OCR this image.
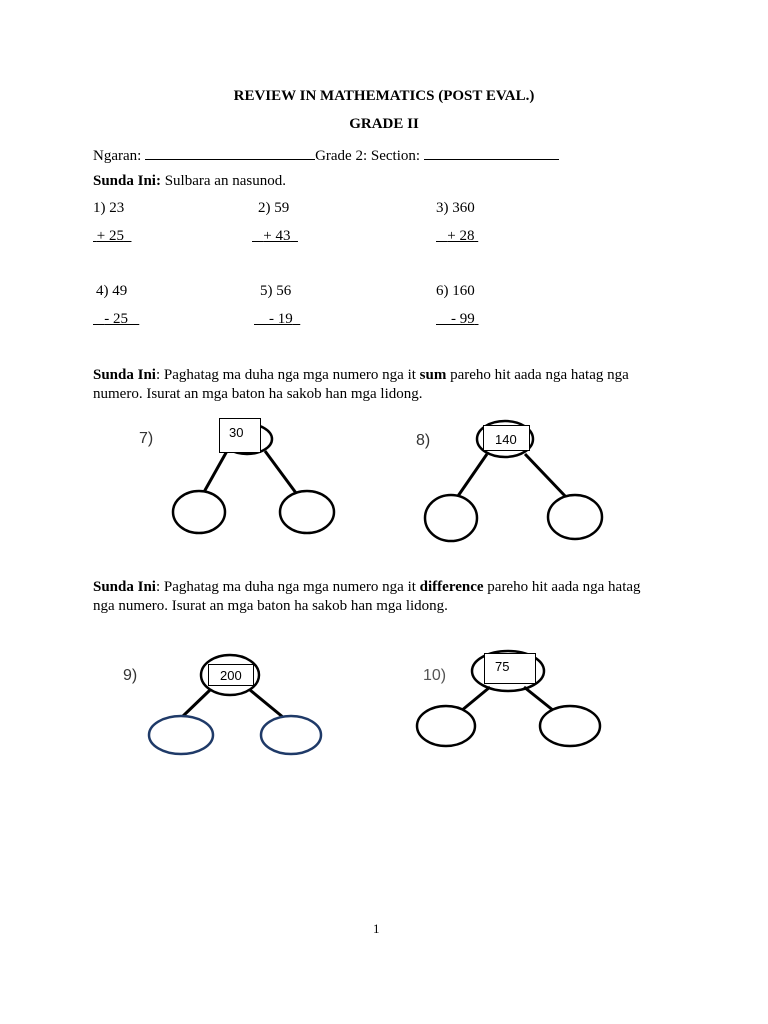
REVIEW IN MATHEMATICS (POST EVAL.)
GRADE II
Ngaran:	Grade 2: Section:
Sunda Ini: Sulbara an nasunod.
1) 23
+ 25
2) 59
+ 43
3) 360
+ 28
4) 49
- 25
5) 56
- 19
6) 160
- 99
Sunda Ini: Paghatag ma duha nga mga numero nga it sum pareho hit aada nga hatag nga
numero. Isurat an mga baton ha sakob han mga lidong.
7)	30	8)	140
Sunda Ini: Paghatag ma duha nga mga numero nga it difference pareho hit aada nga hatag
nga numero. Isurat an mga baton ha sakob han mga lidong.
9)	200	10)
75
1
